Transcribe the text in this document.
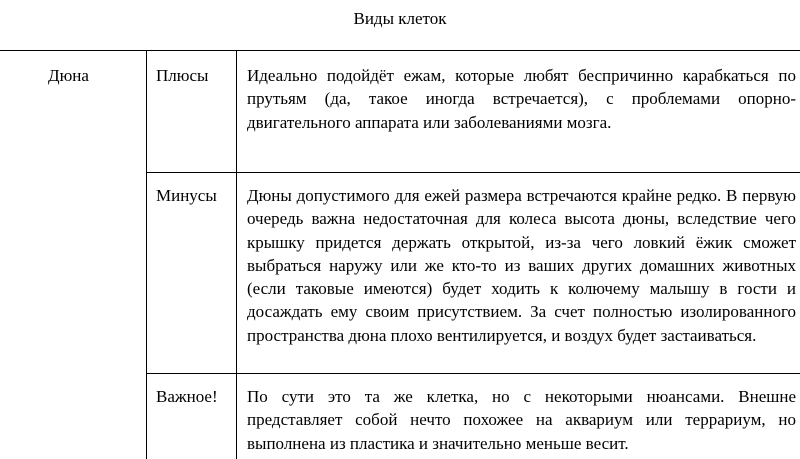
Виды клеток
Дюна	Плюсы Идеально подойдёт ежам, которые любят беспричинно карабкаться по прутьям (да, такое иногда встречается), с проблемами опорно-двигательного аппарата или заболеваниями мозга.
Минусы Дюны допустимого для ежей размера встречаются крайне редко. В первую очередь важна недостаточная для колеса высота дюны, вследствие чего крышку придется держать открытой, из-за чего ловкий ёжик сможет выбраться наружу или же кто-то из ваших других домашних животных (если таковые имеются) будет ходить к колючему малышу в гости и досаждать ему своим присутствием. За счет полностью изолированного пространства дюна плохо вентилируется, и воздух будет застаиваться.
Важное! По сути это та же клетка, но с некоторыми нюансами. Внешне представляет собой нечто похожее на аквариум или террариум, но выполнена из пластика и значительно меньше весит.
